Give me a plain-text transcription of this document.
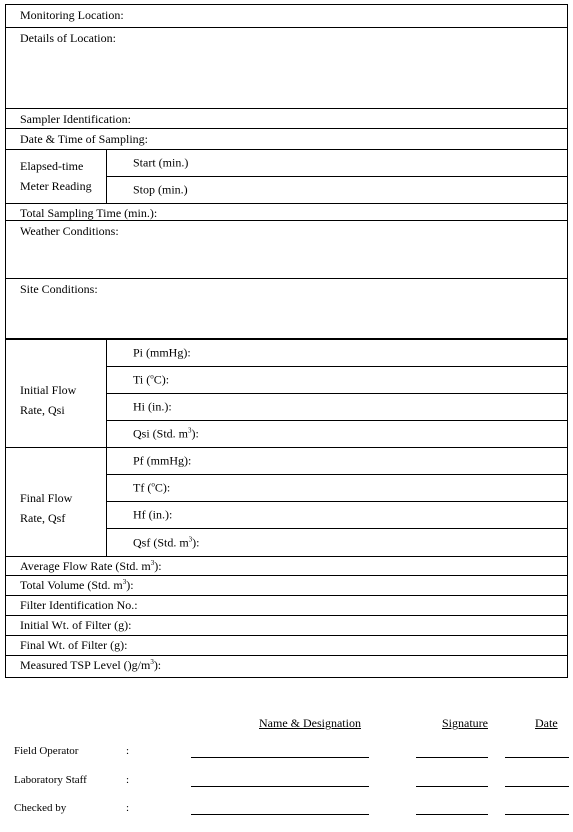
Monitoring Location:
Details of Location:
Sampler Identification:
Date & Time of Sampling:
Elapsed-time
Meter Reading
Start (min.)
Stop (min.)
Total Sampling Time (min.):
Weather Conditions:
Site Conditions:
Initial Flow
Rate, Qsi
Pi (mmHg):
Ti ($^o$C):
Hi (in.):
Qsi (Std. $m^3$):
Final Flow
Rate, Qsf
Pf (mmHg):
Tf ($^o$C):
Hf (in.):
Qsf (Std. $m^3$):
Average Flow Rate (Std. $m^3$):
Total Volume (Std. $m^3$):
Filter Identification No.:
Initial Wt. of Filter (g):
Final Wt. of Filter (g):
Measured TSP Level $()g/m^3$):
Name & Designation	Signature	Date
Field Operator	:
Laboratory Staff	:
Checked by	:
